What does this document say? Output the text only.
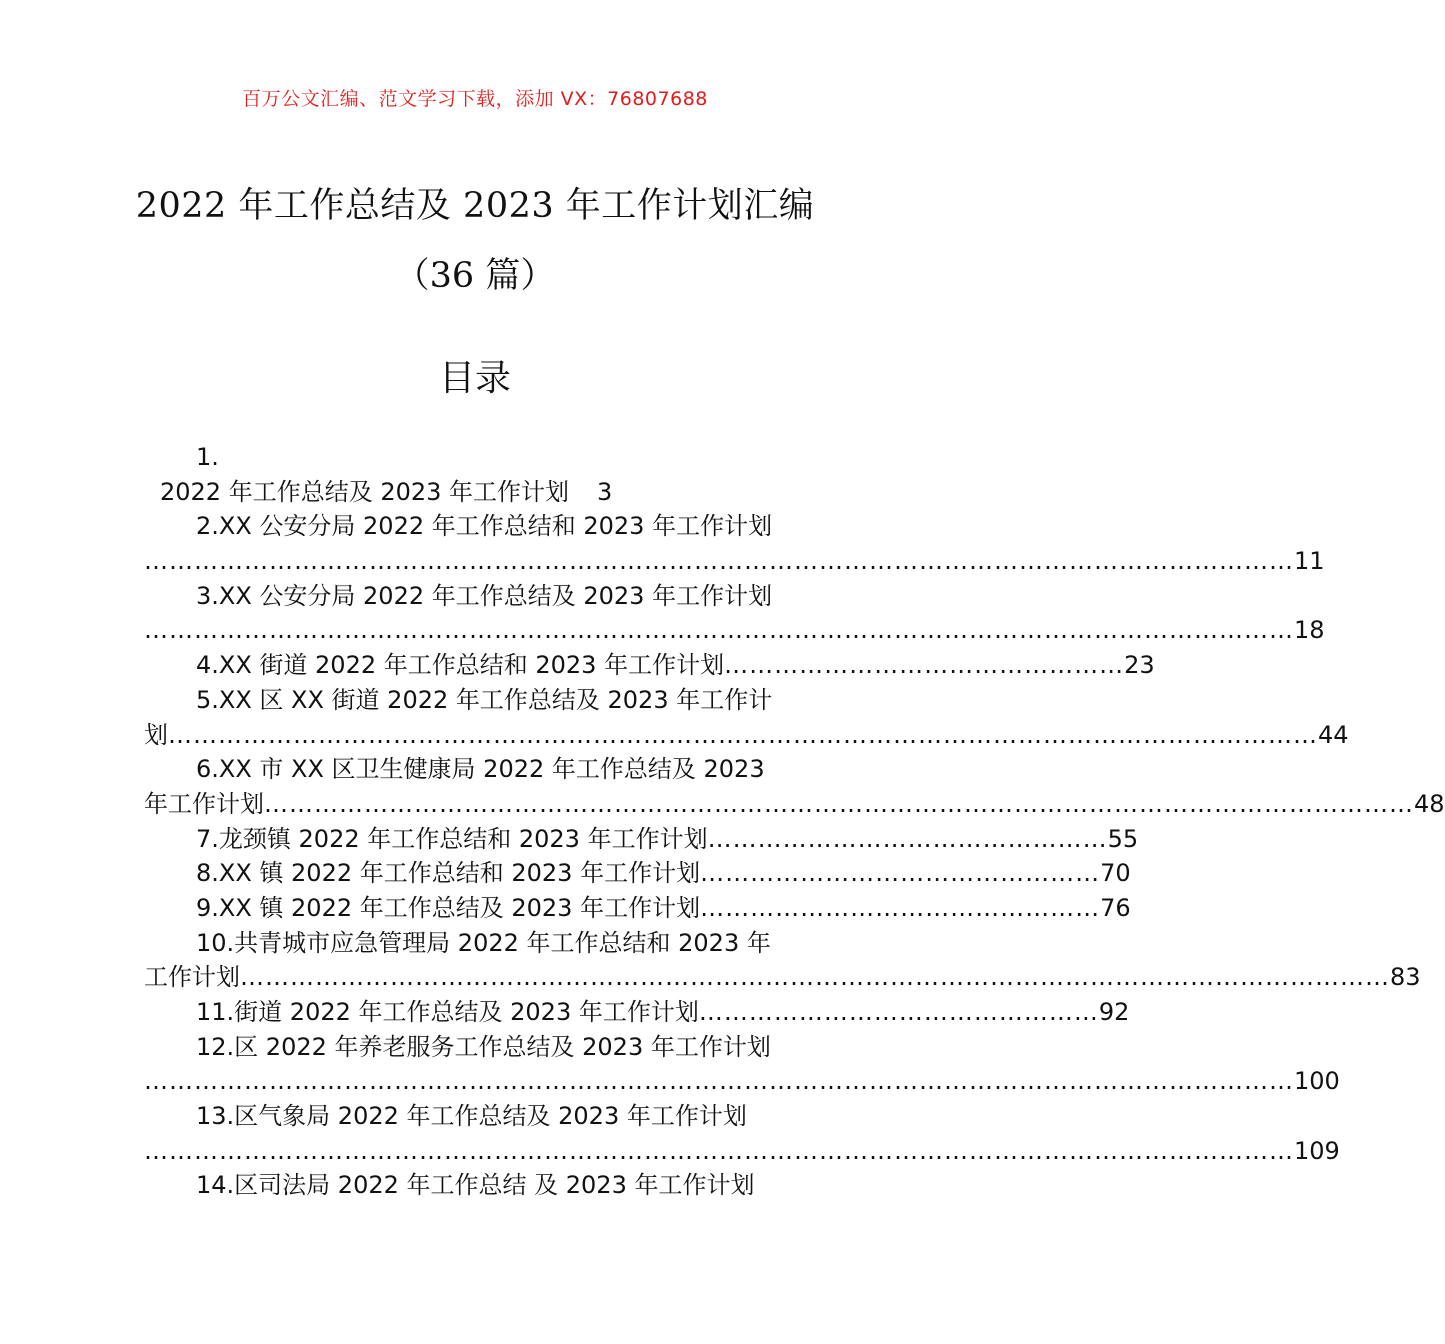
百万公文汇编、范文学习下载，添加 VX：76807688
2022 年工作总结及 2023 年工作计划汇编
（36 篇）
目录
1.
2022 年工作总结及 2023 年工作计划 3
2.XX 公安分局 2022 年工作总结和 2023 年工作计划
………………………………………………………………………………………………………………………… 11
3.XX 公安分局 2022 年工作总结及 2023 年工作计划
………………………………………………………………………………………………………………………… 18
4.XX 街道 2022 年工作总结和 2023 年工作计划 ………………………………………… 23
5.XX 区 XX 街道 2022 年工作总结及 2023 年工作计
划 ………………………………………………………………………………………………………………………… 44
6.XX 市 XX 区卫生健康局 2022 年工作总结及 2023
年工作计划 ………………………………………………………………………………………………………………………… 48
7.龙颈镇 2022 年工作总结和 2023 年工作计划 ………………………………………… 55
8.XX 镇 2022 年工作总结和 2023 年工作计划 ………………………………………… 70
9.XX 镇 2022 年工作总结及 2023 年工作计划 ………………………………………… 76
10.共青城市应急管理局 2022 年工作总结和 2023 年
工作计划 ………………………………………………………………………………………………………………………… 83
11.街道 2022 年工作总结及 2023 年工作计划 ………………………………………… 92
12.区 2022 年养老服务工作总结及 2023 年工作计划
………………………………………………………………………………………………………………………… 100
13.区气象局 2022 年工作总结及 2023 年工作计划
………………………………………………………………………………………………………………………… 109
14.区司法局 2022 年工作总结 及 2023 年工作计划
